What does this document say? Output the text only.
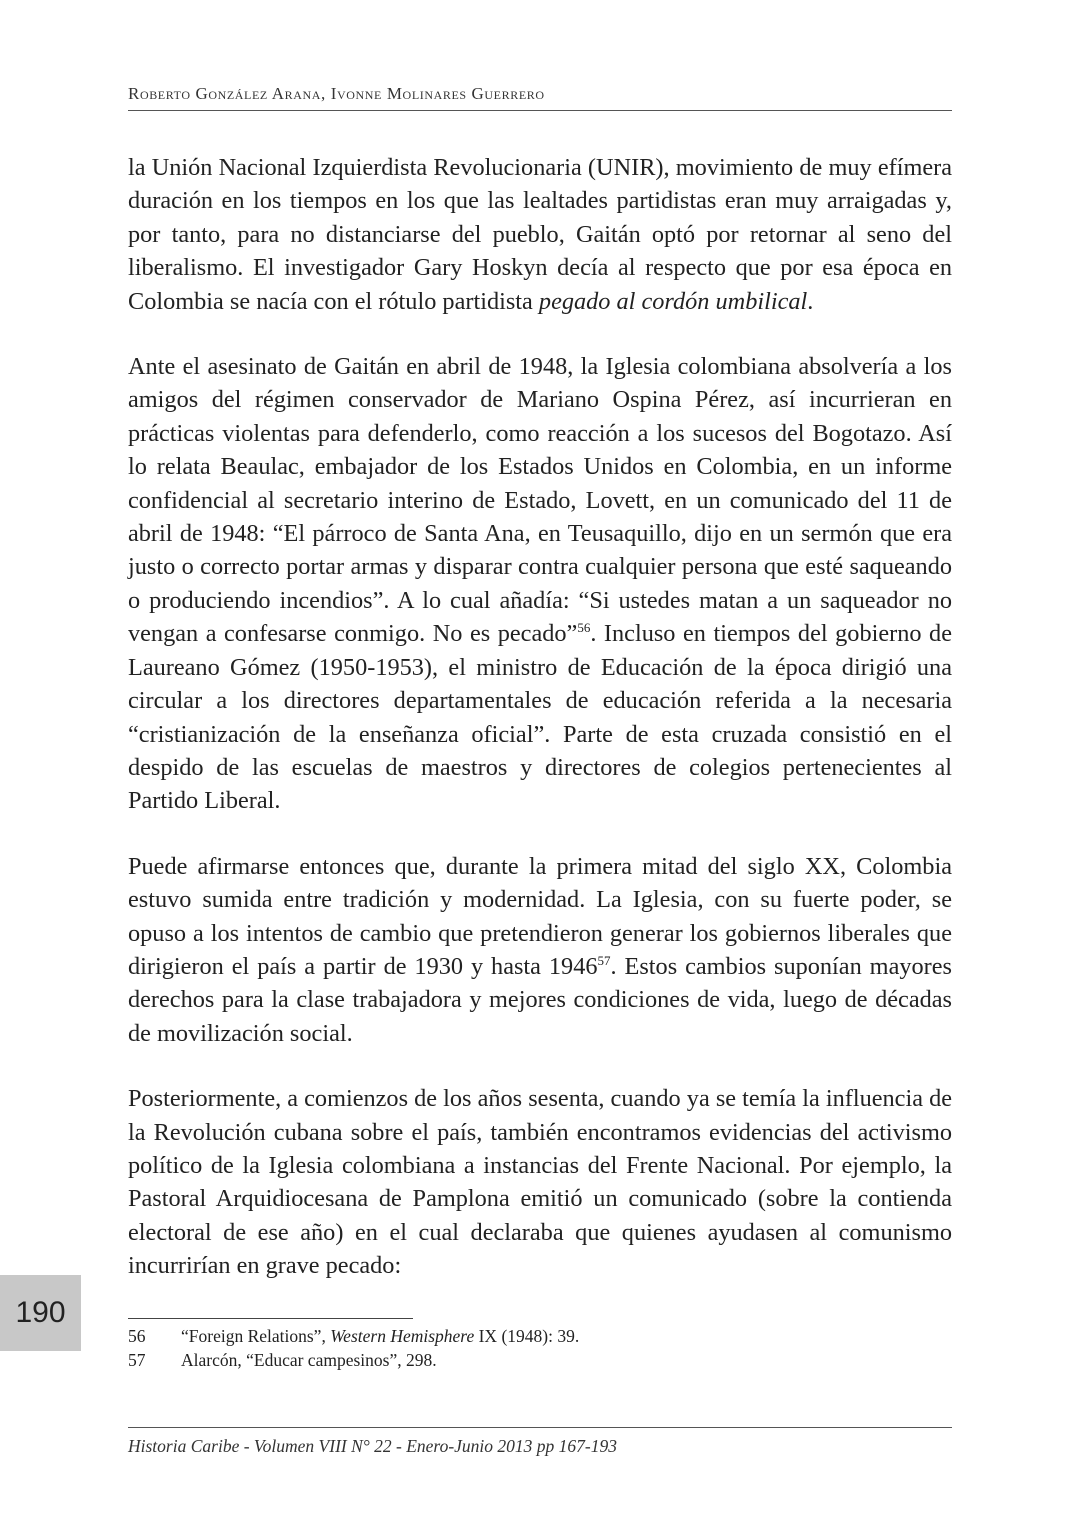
Roberto González Arana, Ivonne Molinares Guerrero

la Unión Nacional Izquierdista Revolucionaria (UNIR), movimiento de muy efímera duración en los tiempos en los que las lealtades partidistas eran muy arraigadas y, por tanto, para no distanciarse del pueblo, Gaitán optó por retornar al seno del liberalismo. El investigador Gary Hoskyn decía al respecto que por esa época en Colombia se nacía con el rótulo partidista pegado al cordón umbilical.

Ante el asesinato de Gaitán en abril de 1948, la Iglesia colombiana absolvería a los amigos del régimen conservador de Mariano Ospina Pérez, así incurrieran en prácticas violentas para defenderlo, como reacción a los sucesos del Bogotazo. Así lo relata Beaulac, embajador de los Estados Unidos en Colombia, en un informe confidencial al secretario interino de Estado, Lovett, en un comunicado del 11 de abril de 1948: “El párroco de Santa Ana, en Teusaquillo, dijo en un sermón que era justo o correcto portar armas y disparar contra cualquier persona que esté saqueando o produciendo incendios”. A lo cual añadía: “Si ustedes matan a un saqueador no vengan a confesarse conmigo. No es pecado”$^{56}$. Incluso en tiempos del gobierno de Laureano Gómez (1950-1953), el ministro de Educación de la época dirigió una circular a los directores departamentales de educación referida a la necesaria “cristianización de la enseñanza oficial”. Parte de esta cruzada consistió en el despido de las escuelas de maestros y directores de colegios pertenecientes al Partido Liberal.

Puede afirmarse entonces que, durante la primera mitad del siglo XX, Colombia estuvo sumida entre tradición y modernidad. La Iglesia, con su fuerte poder, se opuso a los intentos de cambio que pretendieron generar los gobiernos liberales que dirigieron el país a partir de 1930 y hasta 1946$^{57}$. Estos cambios suponían mayores derechos para la clase trabajadora y mejores condiciones de vida, luego de décadas de movilización social.

Posteriormente, a comienzos de los años sesenta, cuando ya se temía la influencia de la Revolución cubana sobre el país, también encontramos evidencias del activismo político de la Iglesia colombiana a instancias del Frente Nacional. Por ejemplo, la Pastoral Arquidiocesana de Pamplona emitió un comunicado (sobre la contienda electoral de ese año) en el cual declaraba que quienes ayudasen al comunismo incurrirían en grave pecado:

190
56	“Foreign Relations”, Western Hemisphere IX (1948): 39.
57	Alarcón, “Educar campesinos”, 298.
Historia Caribe - Volumen VIII N° 22 - Enero-Junio 2013 pp 167-193
